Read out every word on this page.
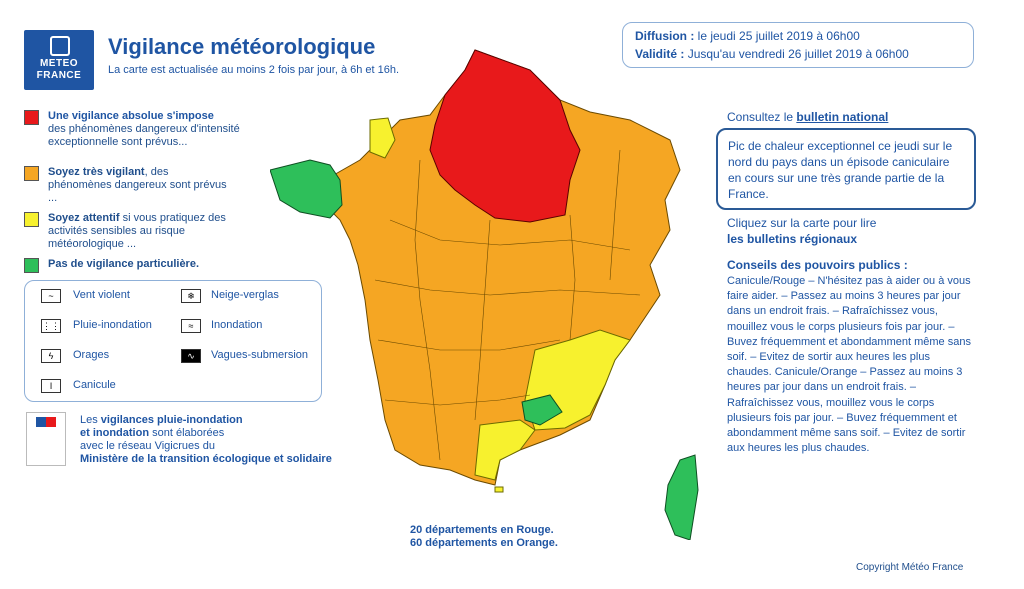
METEO
FRANCE
Vigilance météorologique
La carte est actualisée au moins 2 fois par jour, à 6h et 16h.
Diffusion : le jeudi 25 juillet 2019 à 06h00
Validité : Jusqu'au vendredi 26 juillet 2019 à 06h00
Une vigilance absolue s'impose
des phénomènes dangereux d'intensité exceptionnelle sont prévus...
Soyez très vigilant, des phénomènes dangereux sont prévus ...
Soyez attentif si vous pratiquez des activités sensibles au risque météorologique ...
Pas de vigilance particulière.
~	Vent violent	❄	Neige-verglas
⋮⋮ Pluie-inondation	≈	Inondation
ϟ	Orages	∿	Vagues-submersion
ǀ	Canicule
Les vigilances pluie-inondation
et inondation sont élaborées
avec le réseau Vigicrues du
Ministère de la transition écologique et solidaire
20 départements en Rouge.
60 départements en Orange.
Consultez le bulletin national
Pic de chaleur exceptionnel ce jeudi sur le nord du pays dans un épisode caniculaire en cours sur une très grande partie de la France.
Cliquez sur la carte pour lire
les bulletins régionaux
Conseils des pouvoirs publics :
Canicule/Rouge – N'hésitez pas à aider ou à vous faire aider. – Passez au moins 3 heures par jour dans un endroit frais. – Rafraîchissez vous, mouillez vous le corps plusieurs fois par jour. – Buvez fréquemment et abondamment même sans soif. – Evitez de sortir aux heures les plus chaudes. Canicule/Orange – Passez au moins 3 heures par jour dans un endroit frais. – Rafraîchissez vous, mouillez vous le corps plusieurs fois par jour. – Buvez fréquemment et abondamment même sans soif. – Evitez de sortir aux heures les plus chaudes.
Copyright Météo France
